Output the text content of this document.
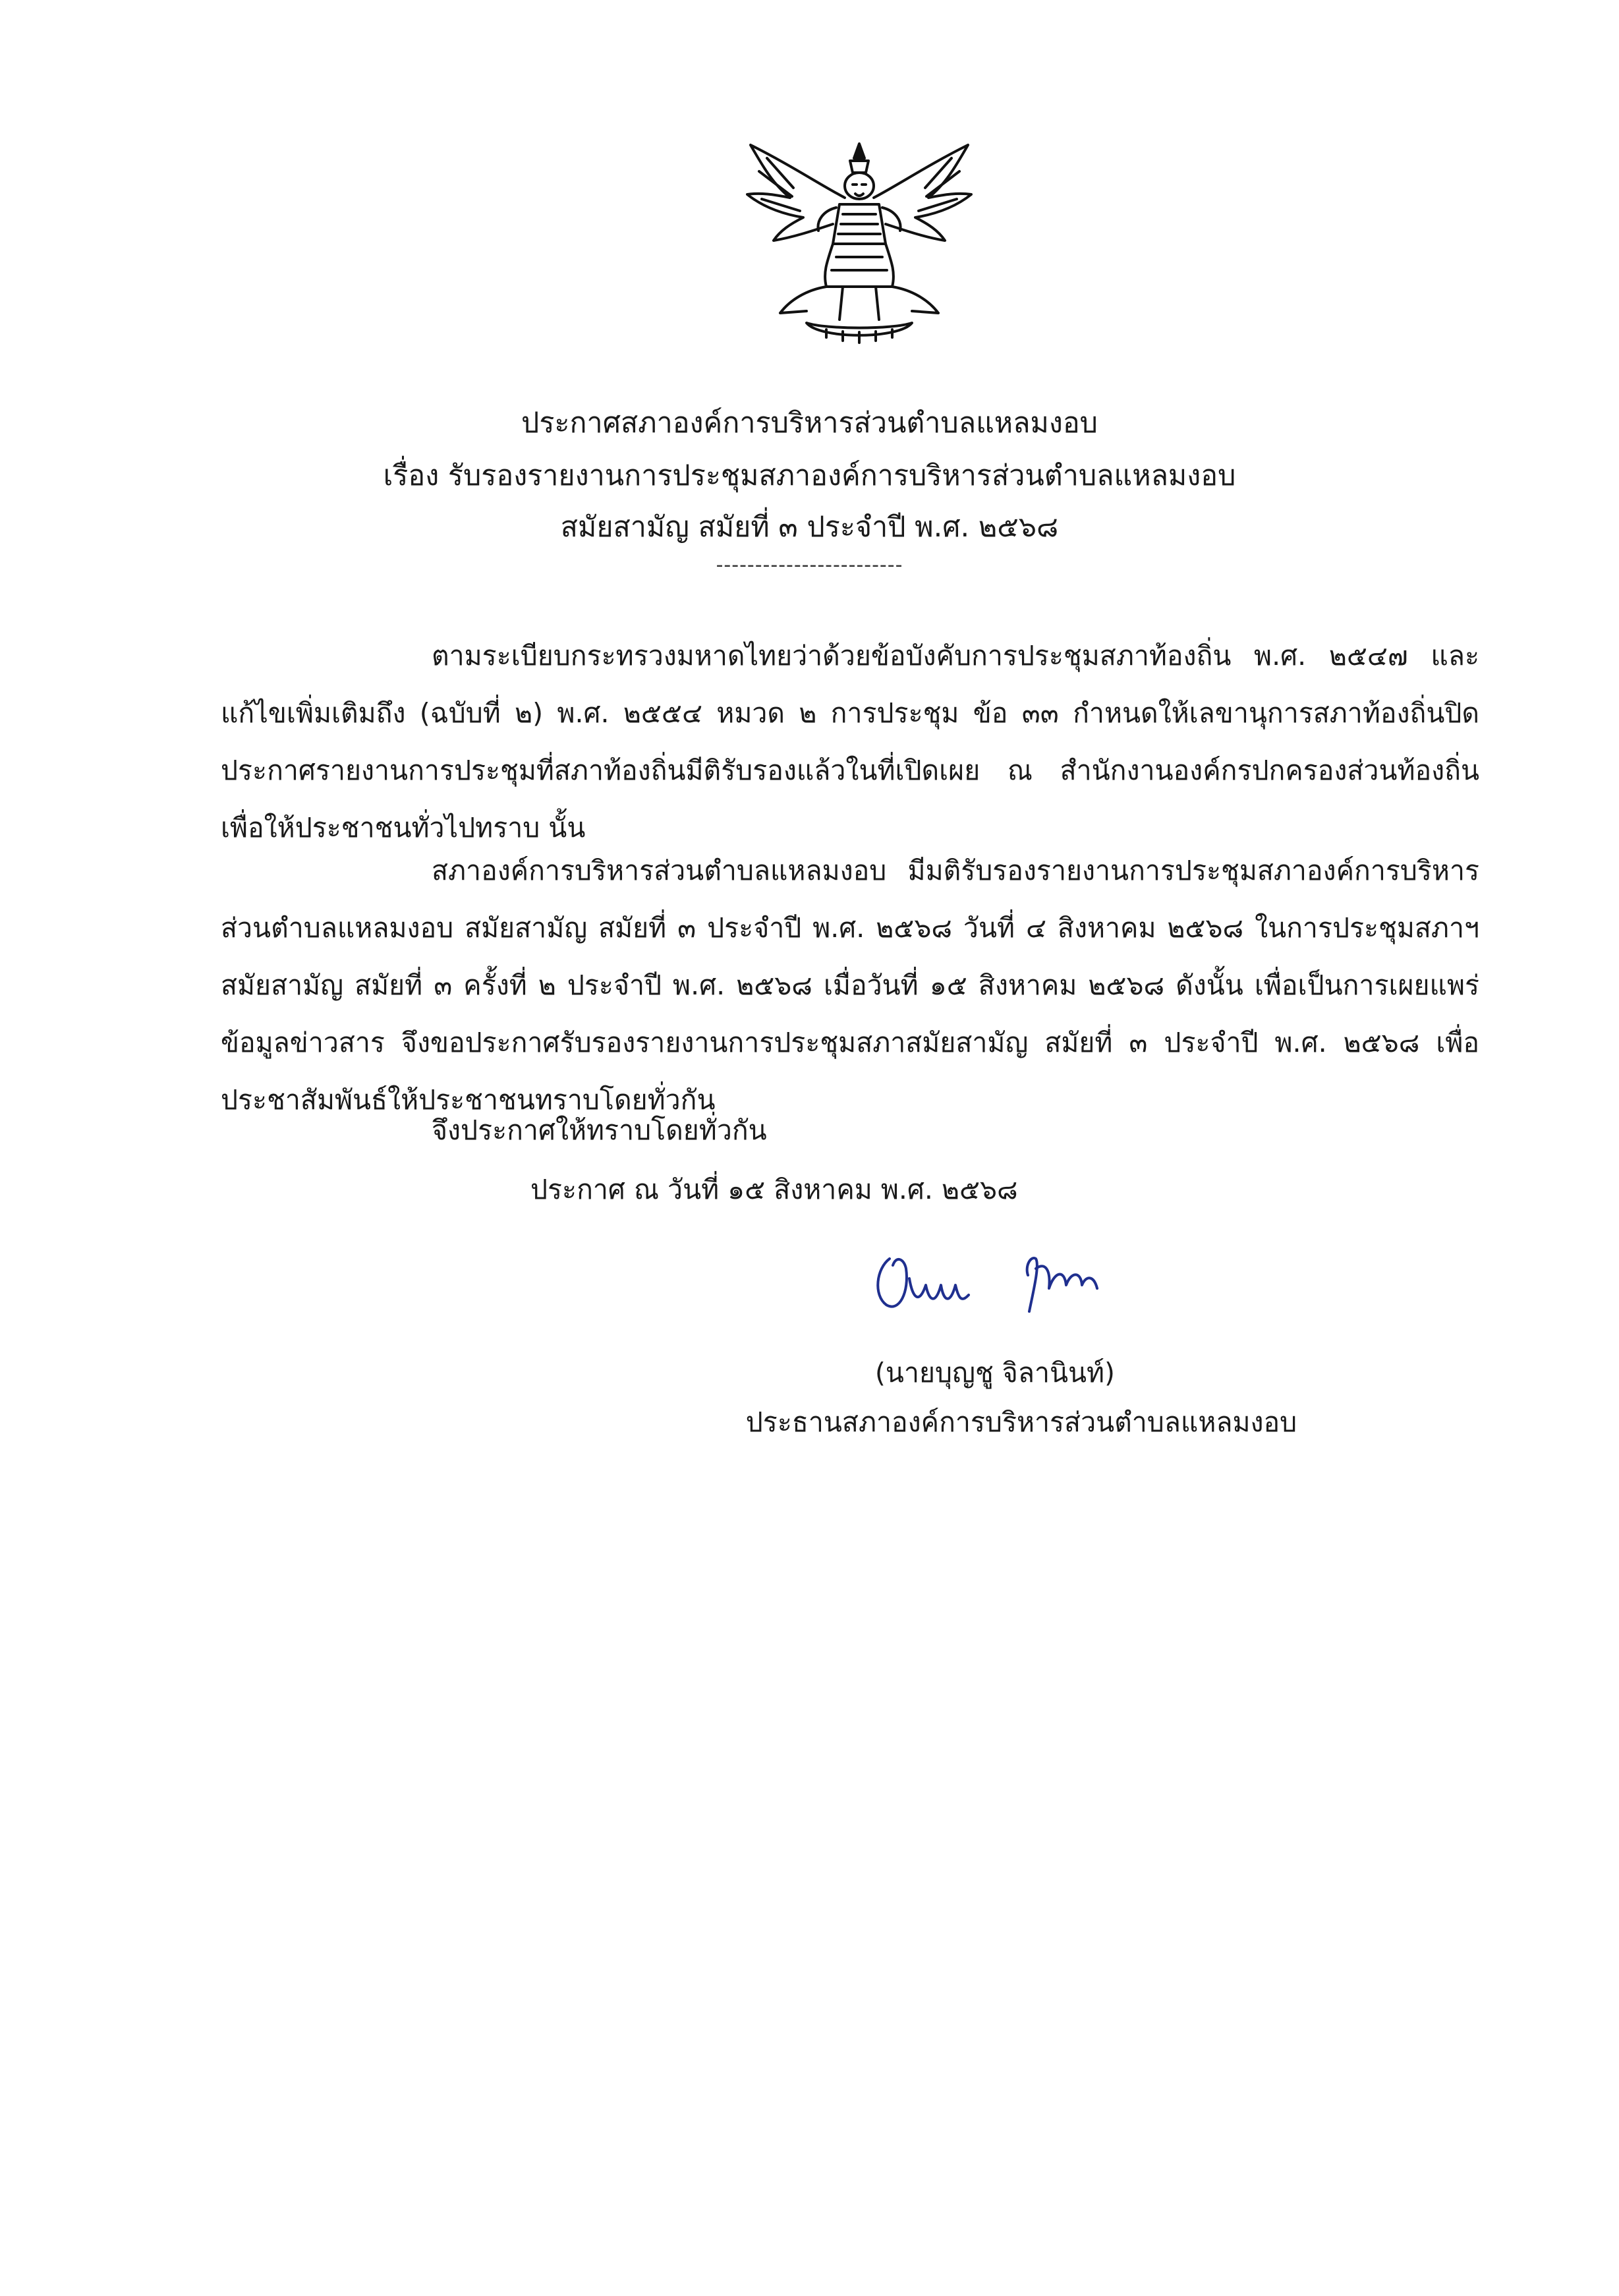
ประกาศสภาองค์การบริหารส่วนตำบลแหลมงอบ
เรื่อง รับรองรายงานการประชุมสภาองค์การบริหารส่วนตำบลแหลมงอบ
สมัยสามัญ สมัยที่ ๓ ประจำปี พ.ศ. ๒๕๖๘
------------------------
ตามระเบียบกระทรวงมหาดไทยว่าด้วยข้อบังคับการประชุมสภาท้องถิ่น พ.ศ. ๒๕๔๗ และแก้ไขเพิ่มเติมถึง (ฉบับที่ ๒) พ.ศ. ๒๕๕๔ หมวด ๒ การประชุม ข้อ ๓๓ กำหนดให้เลขานุการสภาท้องถิ่นปิดประกาศรายงานการประชุมที่สภาท้องถิ่นมีติรับรองแล้วในที่เปิดเผย ณ สำนักงานองค์กรปกครองส่วนท้องถิ่น เพื่อให้ประชาชนทั่วไปทราบ นั้น
สภาองค์การบริหารส่วนตำบลแหลมงอบ มีมติรับรองรายงานการประชุมสภาองค์การบริหารส่วนตำบลแหลมงอบ สมัยสามัญ สมัยที่ ๓ ประจำปี พ.ศ. ๒๕๖๘ วันที่ ๔ สิงหาคม ๒๕๖๘ ในการประชุมสภาฯ สมัยสามัญ สมัยที่ ๓ ครั้งที่ ๒ ประจำปี พ.ศ. ๒๕๖๘ เมื่อวันที่ ๑๕ สิงหาคม ๒๕๖๘ ดังนั้น เพื่อเป็นการเผยแพร่ข้อมูลข่าวสาร จึงขอประกาศรับรองรายงานการประชุมสภาสมัยสามัญ สมัยที่ ๓ ประจำปี พ.ศ. ๒๕๖๘ เพื่อประชาสัมพันธ์ให้ประชาชนทราบโดยทั่วกัน
จึงประกาศให้ทราบโดยทั่วกัน
ประกาศ ณ วันที่ ๑๕ สิงหาคม พ.ศ. ๒๕๖๘
(นายบุญชู จิลานินท์)
ประธานสภาองค์การบริหารส่วนตำบลแหลมงอบ
